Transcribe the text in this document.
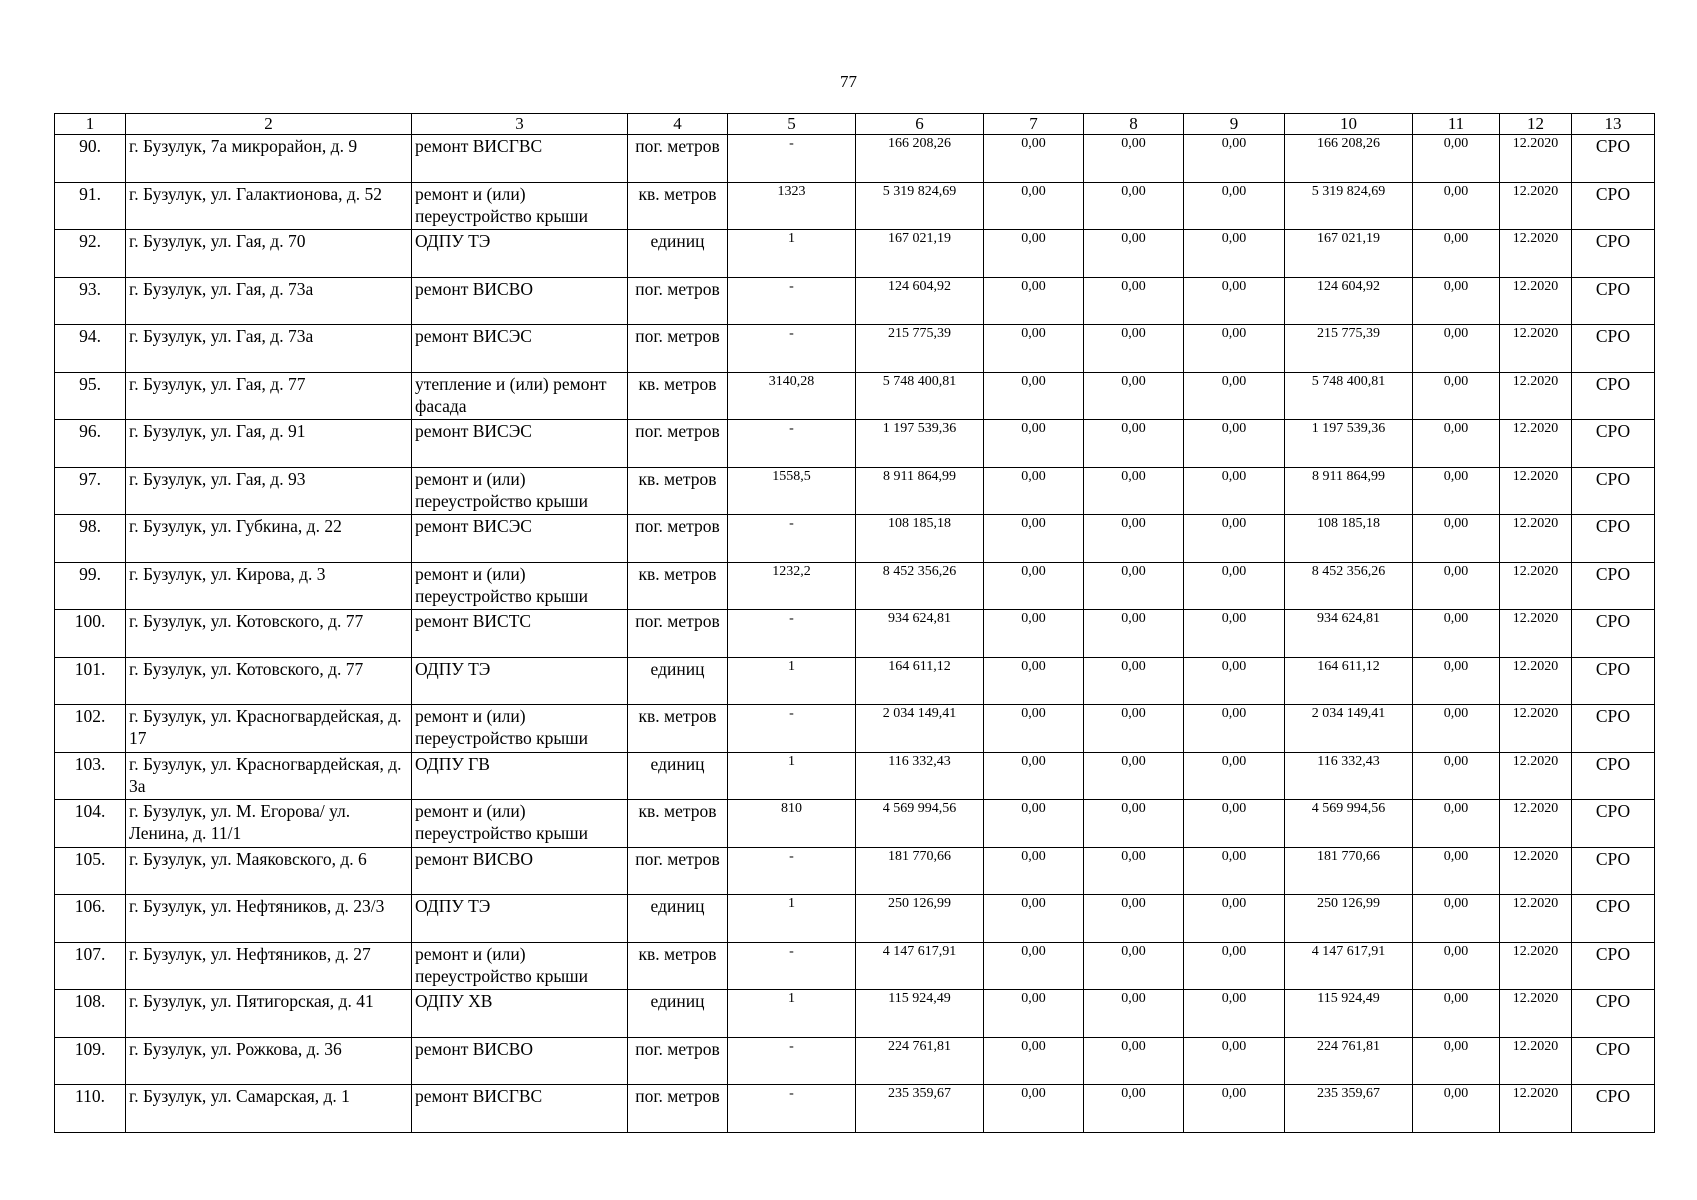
77
1	2	3	4	5	6	7	8	9	10	11	12	13
90.	г. Бузулук, 7а микрорайон, д. 9	ремонт ВИСГВС	пог. метров	-	166 208,26	0,00	0,00	0,00	166 208,26	0,00	12.2020	СРО
91.	г. Бузулук, ул. Галактионова, д. 52	ремонт и (или) переустройство крыши	кв. метров	1323	5 319 824,69	0,00	0,00	0,00	5 319 824,69	0,00	12.2020	СРО
92.	г. Бузулук, ул. Гая, д. 70	ОДПУ ТЭ	единиц	1	167 021,19	0,00	0,00	0,00	167 021,19	0,00	12.2020	СРО
93.	г. Бузулук, ул. Гая, д. 73а	ремонт ВИСВО	пог. метров	-	124 604,92	0,00	0,00	0,00	124 604,92	0,00	12.2020	СРО
94.	г. Бузулук, ул. Гая, д. 73а	ремонт ВИСЭС	пог. метров	-	215 775,39	0,00	0,00	0,00	215 775,39	0,00	12.2020	СРО
95.	г. Бузулук, ул. Гая, д. 77	утепление и (или) ремонт фасада	кв. метров	3140,28	5 748 400,81	0,00	0,00	0,00	5 748 400,81	0,00	12.2020	СРО
96.	г. Бузулук, ул. Гая, д. 91	ремонт ВИСЭС	пог. метров	-	1 197 539,36	0,00	0,00	0,00	1 197 539,36	0,00	12.2020	СРО
97.	г. Бузулук, ул. Гая, д. 93	ремонт и (или) переустройство крыши	кв. метров	1558,5	8 911 864,99	0,00	0,00	0,00	8 911 864,99	0,00	12.2020	СРО
98.	г. Бузулук, ул. Губкина, д. 22	ремонт ВИСЭС	пог. метров	-	108 185,18	0,00	0,00	0,00	108 185,18	0,00	12.2020	СРО
99.	г. Бузулук, ул. Кирова, д. 3	ремонт и (или) переустройство крыши	кв. метров	1232,2	8 452 356,26	0,00	0,00	0,00	8 452 356,26	0,00	12.2020	СРО
100.	г. Бузулук, ул. Котовского, д. 77	ремонт ВИСТС	пог. метров	-	934 624,81	0,00	0,00	0,00	934 624,81	0,00	12.2020	СРО
101.	г. Бузулук, ул. Котовского, д. 77	ОДПУ ТЭ	единиц	1	164 611,12	0,00	0,00	0,00	164 611,12	0,00	12.2020	СРО
102.	г. Бузулук, ул. Красногвардейская, д. 17	ремонт и (или) переустройство крыши	кв. метров	-	2 034 149,41	0,00	0,00	0,00	2 034 149,41	0,00	12.2020	СРО
103.	г. Бузулук, ул. Красногвардейская, д. 3а	ОДПУ ГВ	единиц	1	116 332,43	0,00	0,00	0,00	116 332,43	0,00	12.2020	СРО
104.	г. Бузулук, ул. М. Егорова/ ул. Ленина, д. 11/1	ремонт и (или) переустройство крыши	кв. метров	810	4 569 994,56	0,00	0,00	0,00	4 569 994,56	0,00	12.2020	СРО
105.	г. Бузулук, ул. Маяковского, д. 6	ремонт ВИСВО	пог. метров	-	181 770,66	0,00	0,00	0,00	181 770,66	0,00	12.2020	СРО
106.	г. Бузулук, ул. Нефтяников, д. 23/3	ОДПУ ТЭ	единиц	1	250 126,99	0,00	0,00	0,00	250 126,99	0,00	12.2020	СРО
107.	г. Бузулук, ул. Нефтяников, д. 27	ремонт и (или) переустройство крыши	кв. метров	-	4 147 617,91	0,00	0,00	0,00	4 147 617,91	0,00	12.2020	СРО
108.	г. Бузулук, ул. Пятигорская, д. 41	ОДПУ ХВ	единиц	1	115 924,49	0,00	0,00	0,00	115 924,49	0,00	12.2020	СРО
109.	г. Бузулук, ул. Рожкова, д. 36	ремонт ВИСВО	пог. метров	-	224 761,81	0,00	0,00	0,00	224 761,81	0,00	12.2020	СРО
110.	г. Бузулук, ул. Самарская, д. 1	ремонт ВИСГВС	пог. метров	-	235 359,67	0,00	0,00	0,00	235 359,67	0,00	12.2020	СРО
